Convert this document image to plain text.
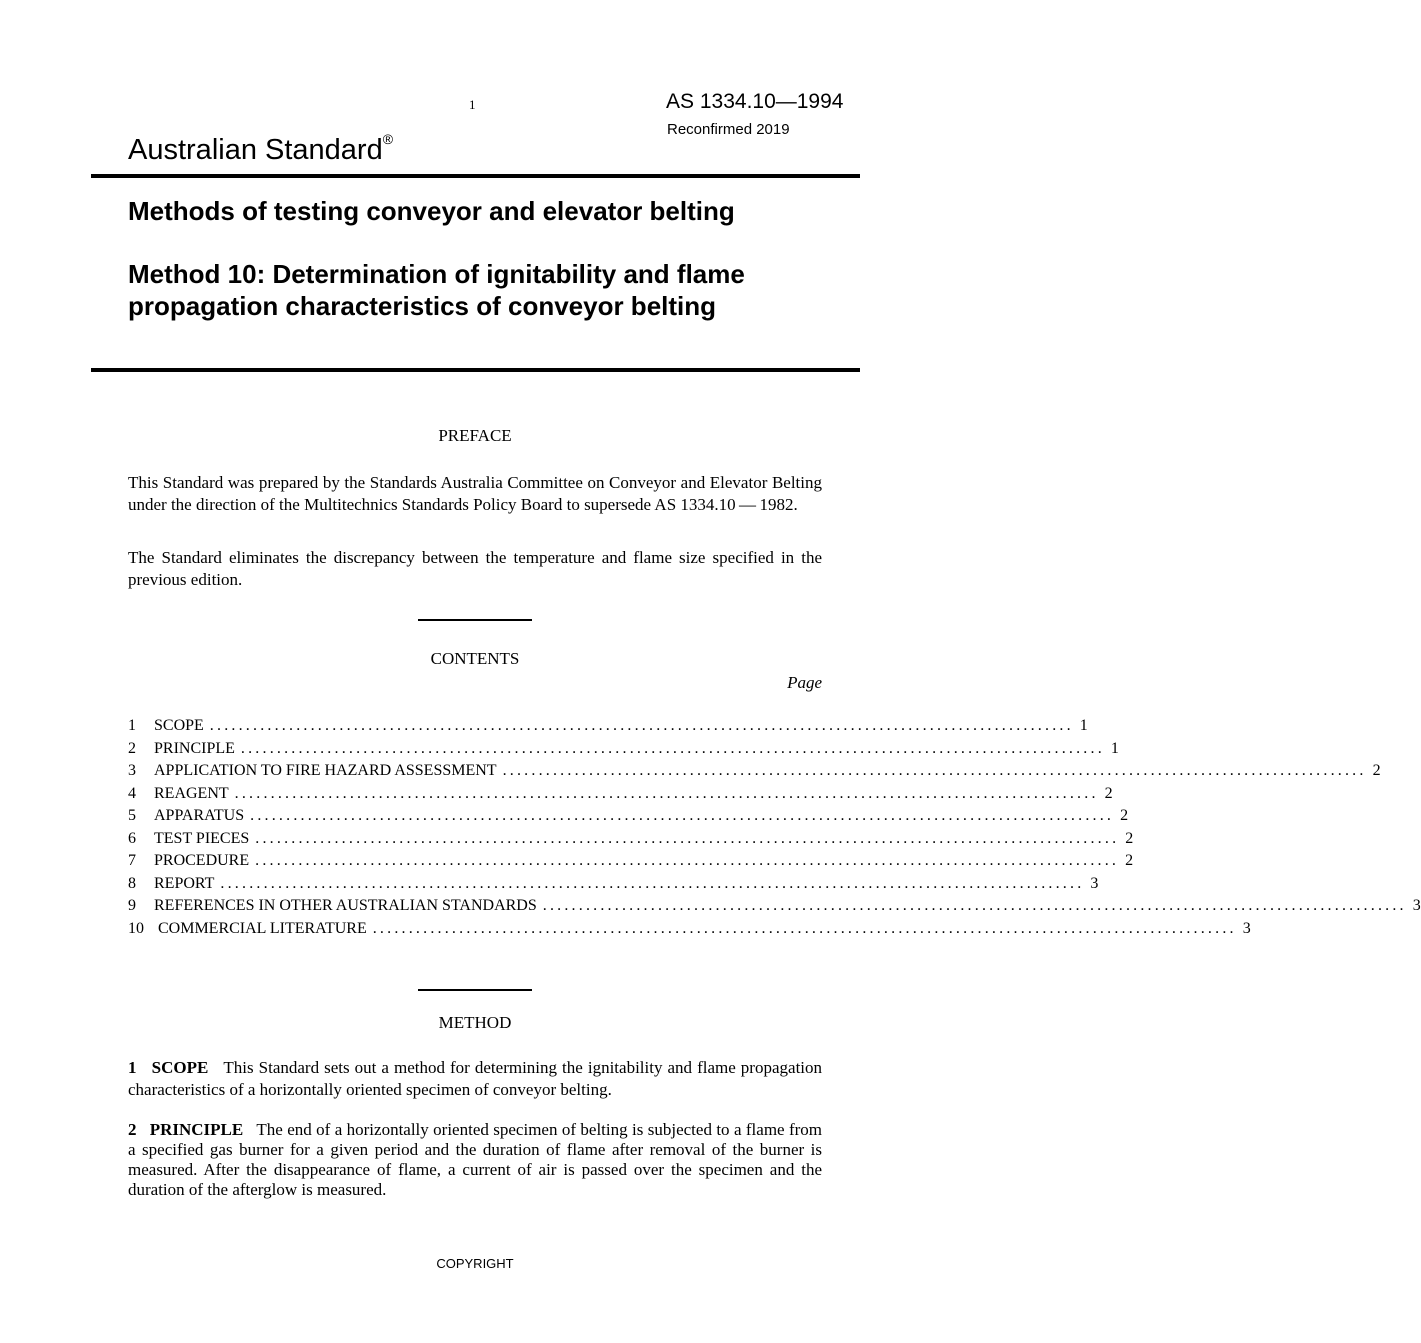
1	AS 1334.10—1994
Reconfirmed 2019
Australian Standard®
Methods of testing conveyor and elevator belting
Method 10: Determination of ignitability and flame propagation characteristics of conveyor belting
PREFACE

This Standard was prepared by the Standards Australia Committee on Conveyor and Elevator Belting under the direction of the Multitechnics Standards Policy Board to supersede AS 1334.10 — 1982.

The Standard eliminates the discrepancy between the temperature and flame size specified in the previous edition.

CONTENTS
Page
1	SCOPE ........................................................................................................................ 1
2	PRINCIPLE ........................................................................................................................ 1
3	APPLICATION TO FIRE HAZARD ASSESSMENT ........................................................................................................................ 2
4	REAGENT ........................................................................................................................ 2
5	APPARATUS ........................................................................................................................ 2
6	TEST PIECES ........................................................................................................................ 2
7	PROCEDURE ........................................................................................................................ 2
8	REPORT ........................................................................................................................ 3
9	REFERENCES IN OTHER AUSTRALIAN STANDARDS ........................................................................................................................ 3
10 COMMERCIAL LITERATURE ........................................................................................................................ 3
METHOD

1 SCOPE This Standard sets out a method for determining the ignitability and flame propagation characteristics of a horizontally oriented specimen of conveyor belting.

2 PRINCIPLE The end of a horizontally oriented specimen of belting is subjected to a flame from a specified gas burner for a given period and the duration of flame after removal of the burner is measured. After the disappearance of flame, a current of air is passed over the specimen and the duration of the afterglow is measured.

COPYRIGHT
